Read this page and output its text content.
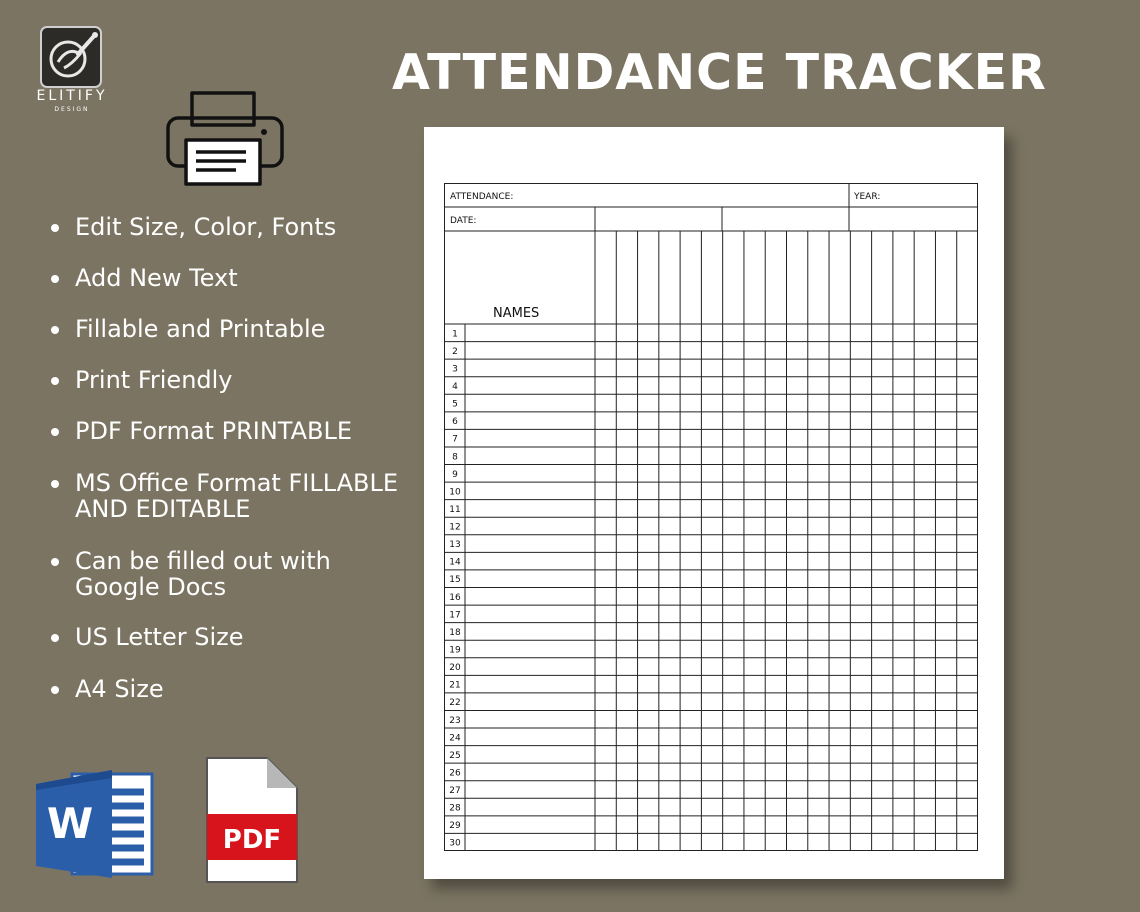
ELITIFY
DESIGN
ATTENDANCE TRACKER
Edit Size, Color, Fonts
Add New Text
Fillable and Printable
Print Friendly
PDF Format PRINTABLE
MS Office Format FILLABLE AND EDITABLE
Can be filled out with Google Docs
US Letter Size
A4 Size
W	PDF
ATTENDANCE:	YEAR:
DATE:
NAMES
1
2
3
4
5
6
7
8
9
10
11
12
13
14
15
16
17
18
19
20
21
22
23
24
25
26
27
28
29
30
